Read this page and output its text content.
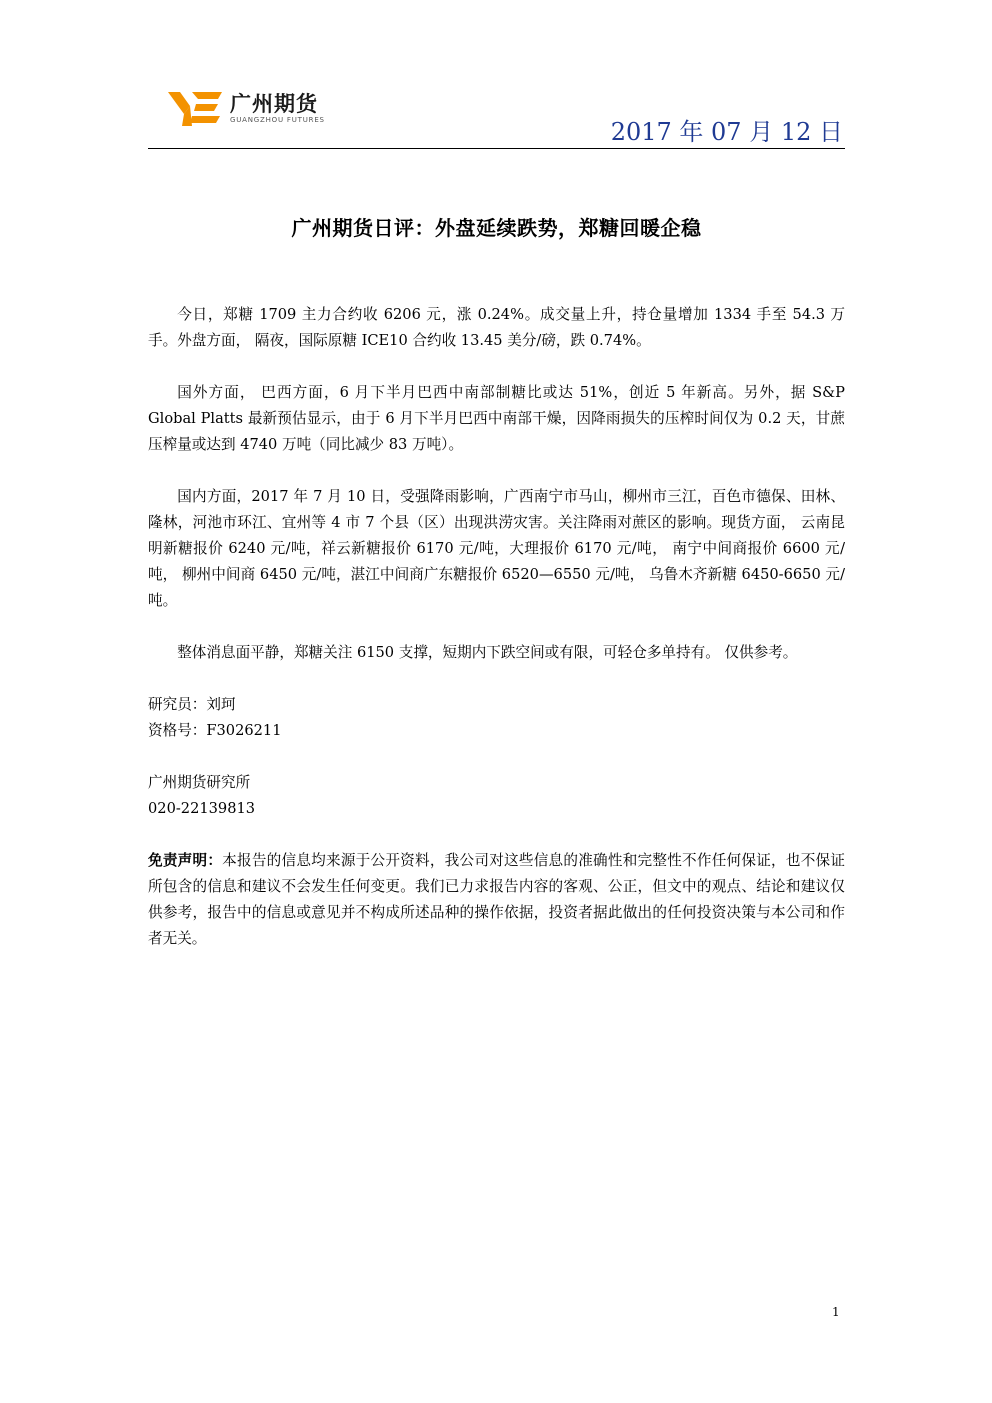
广州期货
GUANGZHOU FUTURES	2017 年 07 月 12 日
广州期货日评：外盘延续跌势，郑糖回暖企稳

今日，郑糖 1709 主力合约收 6206 元，涨 0.24%。成交量上升，持仓量增加 1334 手至 54.3 万手。外盘方面， 隔夜，国际原糖 ICE10 合约收 13.45 美分/磅，跌 0.74%。

国外方面， 巴西方面，6 月下半月巴西中南部制糖比或达 51%，创近 5 年新高。另外，据 S&P Global Platts 最新预估显示，由于 6 月下半月巴西中南部干燥，因降雨损失的压榨时间仅为 0.2 天，甘蔗压榨量或达到 4740 万吨（同比减少 83 万吨）。

国内方面，2017 年 7 月 10 日，受强降雨影响，广西南宁市马山，柳州市三江，百色市德保、田林、隆林，河池市环江、宜州等 4 市 7 个县（区）出现洪涝灾害。关注降雨对蔗区的影响。现货方面， 云南昆明新糖报价 6240 元/吨，祥云新糖报价 6170 元/吨，大理报价 6170 元/吨， 南宁中间商报价 6600 元/吨， 柳州中间商 6450 元/吨，湛江中间商广东糖报价 6520—6550 元/吨， 乌鲁木齐新糖 6450-6650 元/吨。

整体消息面平静，郑糖关注 6150 支撑，短期内下跌空间或有限，可轻仓多单持有。 仅供参考。

研究员：刘珂

资格号：F3026211

广州期货研究所

020-22139813

免责声明：本报告的信息均来源于公开资料，我公司对这些信息的准确性和完整性不作任何保证，也不保证所包含的信息和建议不会发生任何变更。我们已力求报告内容的客观、公正，但文中的观点、结论和建议仅供参考，报告中的信息或意见并不构成所述品种的操作依据，投资者据此做出的任何投资决策与本公司和作者无关。

1
